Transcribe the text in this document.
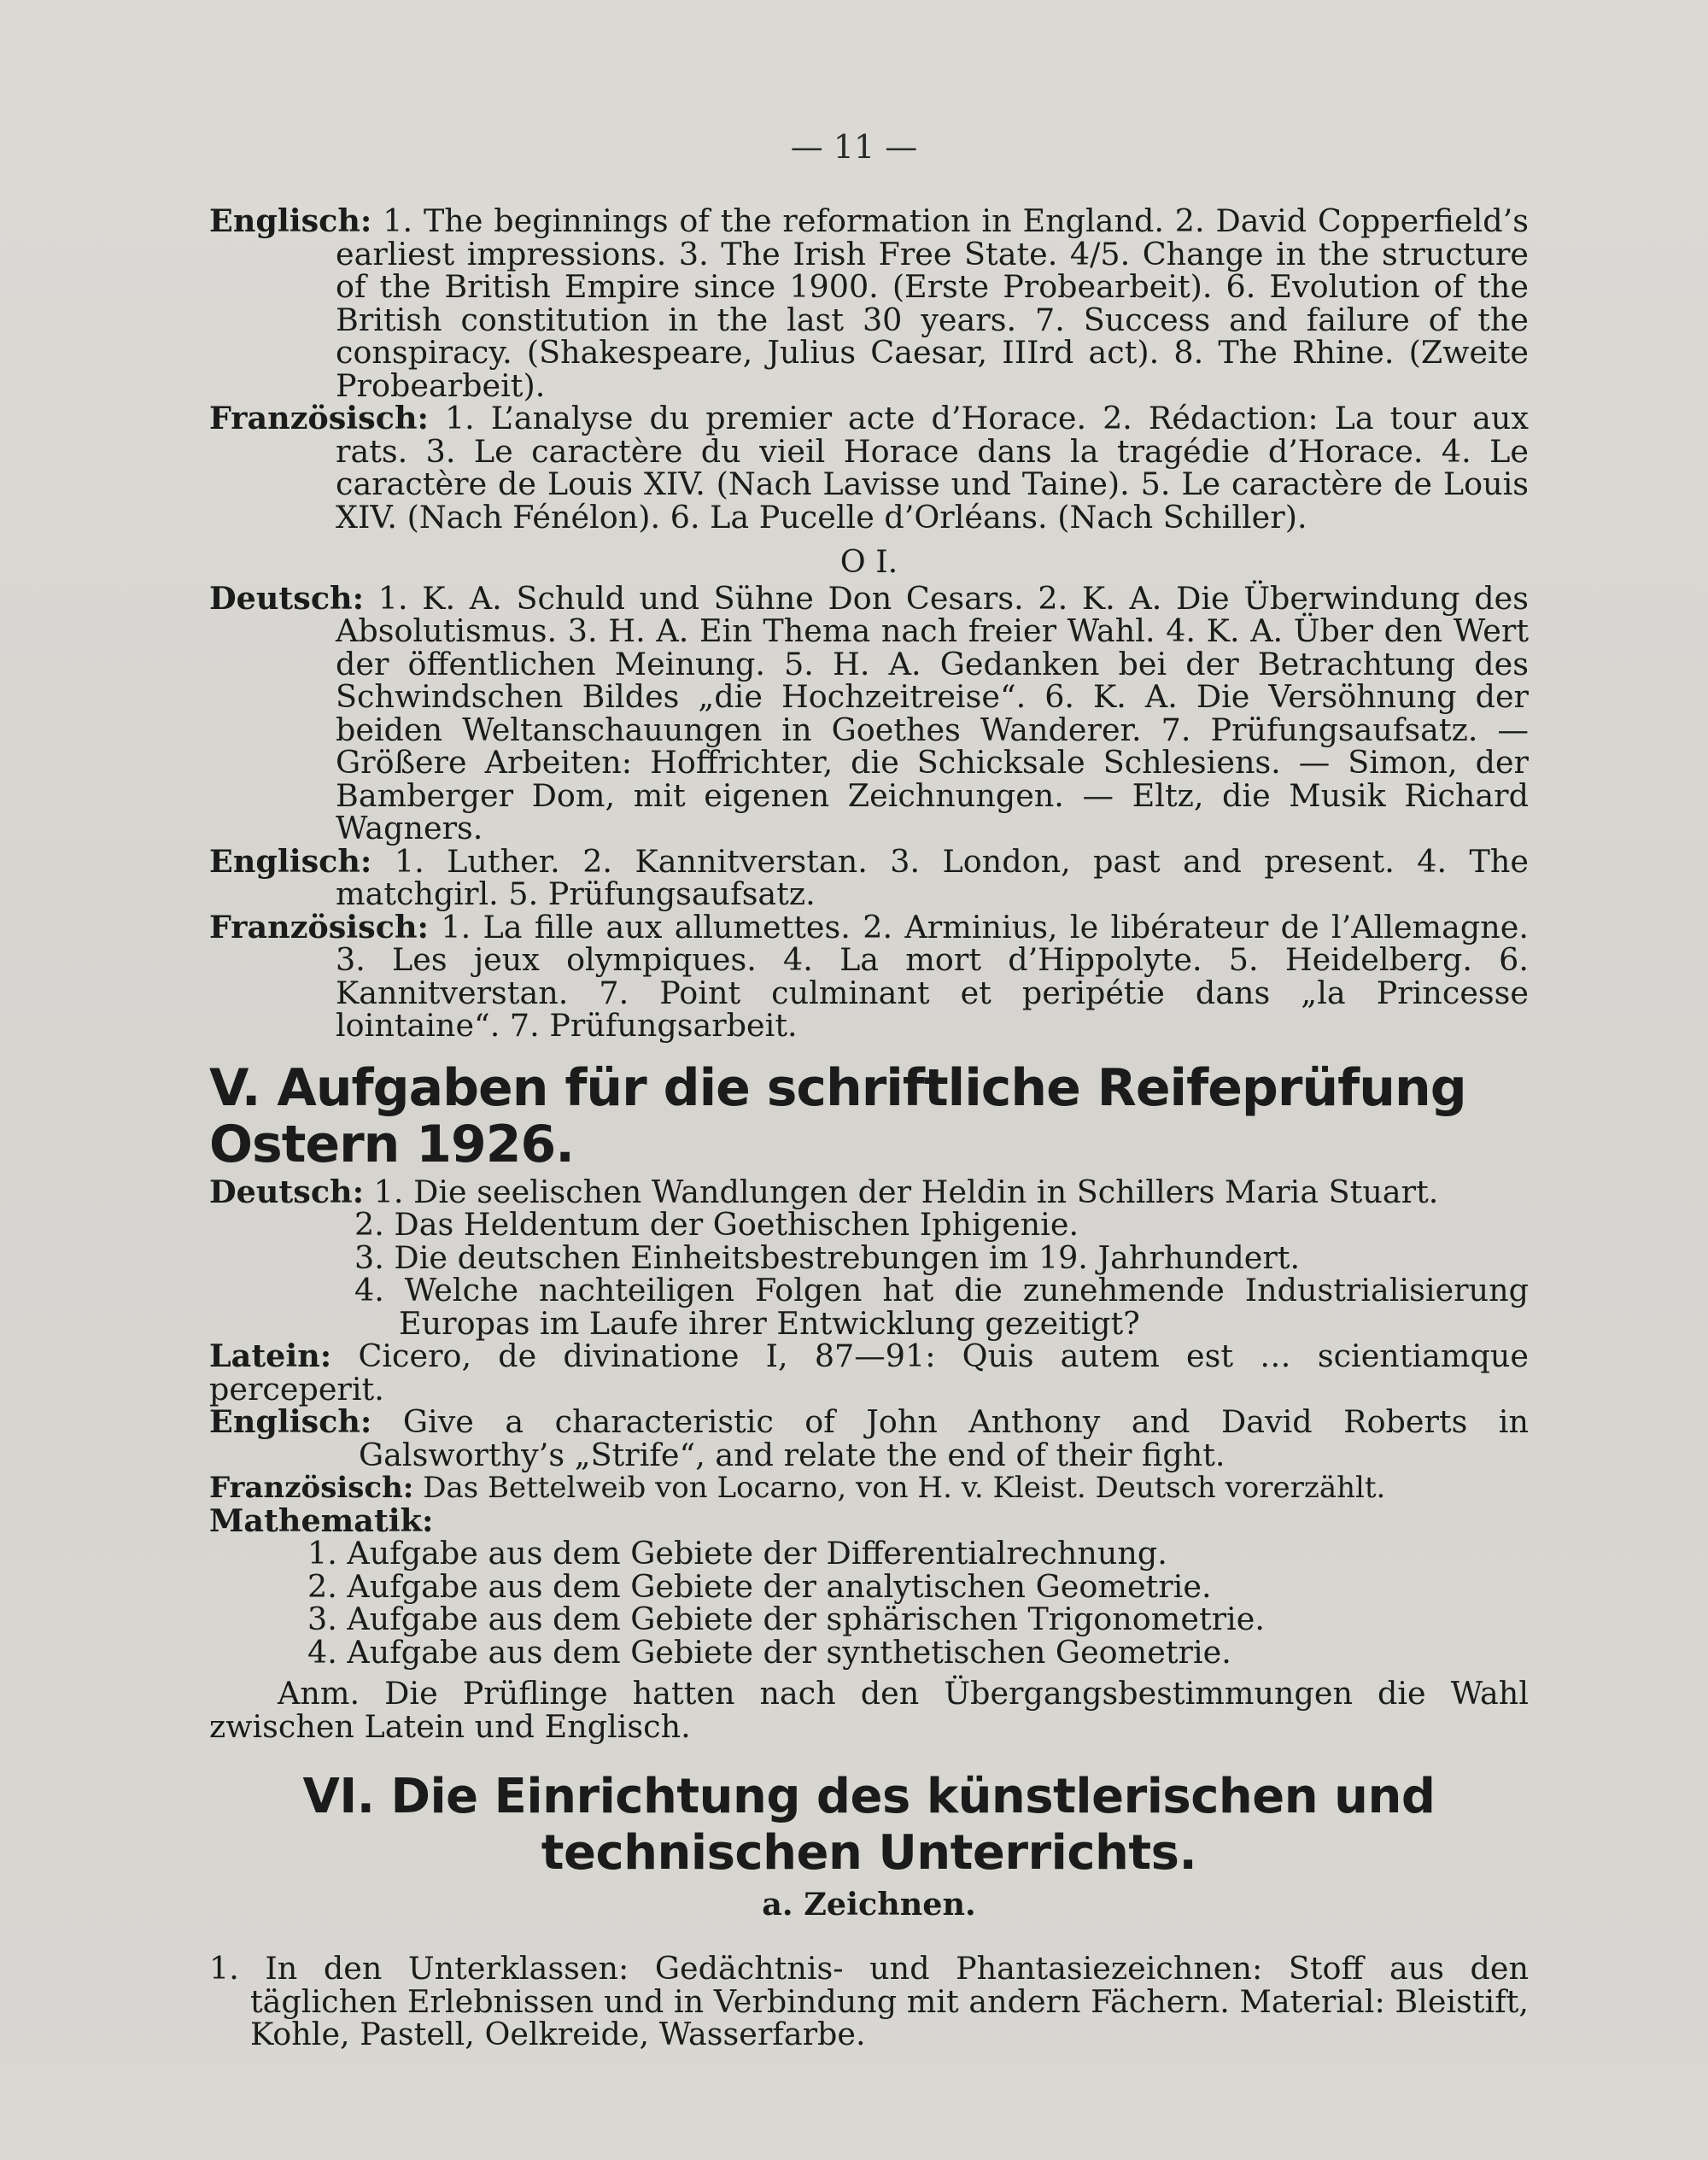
— 11 —

Englisch: 1. The beginnings of the reformation in England. 2. David Copperfield’s earliest impressions. 3. The Irish Free State. 4/5. Change in the structure of the British Empire since 1900. (Erste Probearbeit). 6. Evolution of the British constitution in the last 30 years. 7. Success and failure of the conspiracy. (Shakespeare, Julius Caesar, IIIrd act). 8. The Rhine. (Zweite Probearbeit).

Französisch: 1. L’analyse du premier acte d’Horace. 2. Rédaction: La tour aux rats. 3. Le caractère du vieil Horace dans la tragédie d’Horace. 4. Le caractère de Louis XIV. (Nach Lavisse und Taine). 5. Le caractère de Louis XIV. (Nach Fénélon). 6. La Pucelle d’Orléans. (Nach Schiller).

O I.

Deutsch: 1. K. A. Schuld und Sühne Don Cesars. 2. K. A. Die Überwindung des Absolutismus. 3. H. A. Ein Thema nach freier Wahl. 4. K. A. Über den Wert der öffentlichen Meinung. 5. H. A. Gedanken bei der Betrachtung des Schwindschen Bildes „die Hochzeitreise“. 6. K. A. Die Versöhnung der beiden Weltanschauungen in Goethes Wanderer. 7. Prüfungsaufsatz. — Größere Arbeiten: Hoffrichter, die Schicksale Schlesiens. — Simon, der Bamberger Dom, mit eigenen Zeichnungen. — Eltz, die Musik Richard Wagners.

Englisch: 1. Luther. 2. Kannitverstan. 3. London, past and present. 4. The matchgirl. 5. Prüfungsaufsatz.

Französisch: 1. La fille aux allumettes. 2. Arminius, le libérateur de l’Allemagne. 3. Les jeux olympiques. 4. La mort d’Hippolyte. 5. Heidelberg. 6. Kannitverstan. 7. Point culminant et peripétie dans „la Princesse lointaine“. 7. Prüfungsarbeit.

V. Aufgaben für die schriftliche Reifeprüfung Ostern 1926.

Deutsch: 1. Die seelischen Wandlungen der Heldin in Schillers Maria Stuart.

2. Das Heldentum der Goethischen Iphigenie.
3. Die deutschen Einheitsbestrebungen im 19. Jahrhundert.
4. Welche nachteiligen Folgen hat die zunehmende Industrialisierung Europas im Laufe ihrer Entwicklung gezeitigt?

Latein: Cicero, de divinatione I, 87—91: Quis autem est … scientiamque perceperit.

Englisch: Give a characteristic of John Anthony and David Roberts in Galsworthy’s „Strife“, and relate the end of their fight.

Französisch: Das Bettelweib von Locarno, von H. v. Kleist. Deutsch vorerzählt.

Mathematik:

1. Aufgabe aus dem Gebiete der Differentialrechnung.
2. Aufgabe aus dem Gebiete der analytischen Geometrie.
3. Aufgabe aus dem Gebiete der sphärischen Trigonometrie.
4. Aufgabe aus dem Gebiete der synthetischen Geometrie.

Anm. Die Prüflinge hatten nach den Übergangsbestimmungen die Wahl zwischen Latein und Englisch.

VI. Die Einrichtung des künstlerischen und technischen Unterrichts.

a. Zeichnen.

1. In den Unterklassen: Gedächtnis- und Phantasiezeichnen: Stoff aus den täglichen Erlebnissen und in Verbindung mit andern Fächern. Material: Bleistift, Kohle, Pastell, Oelkreide, Wasserfarbe.
